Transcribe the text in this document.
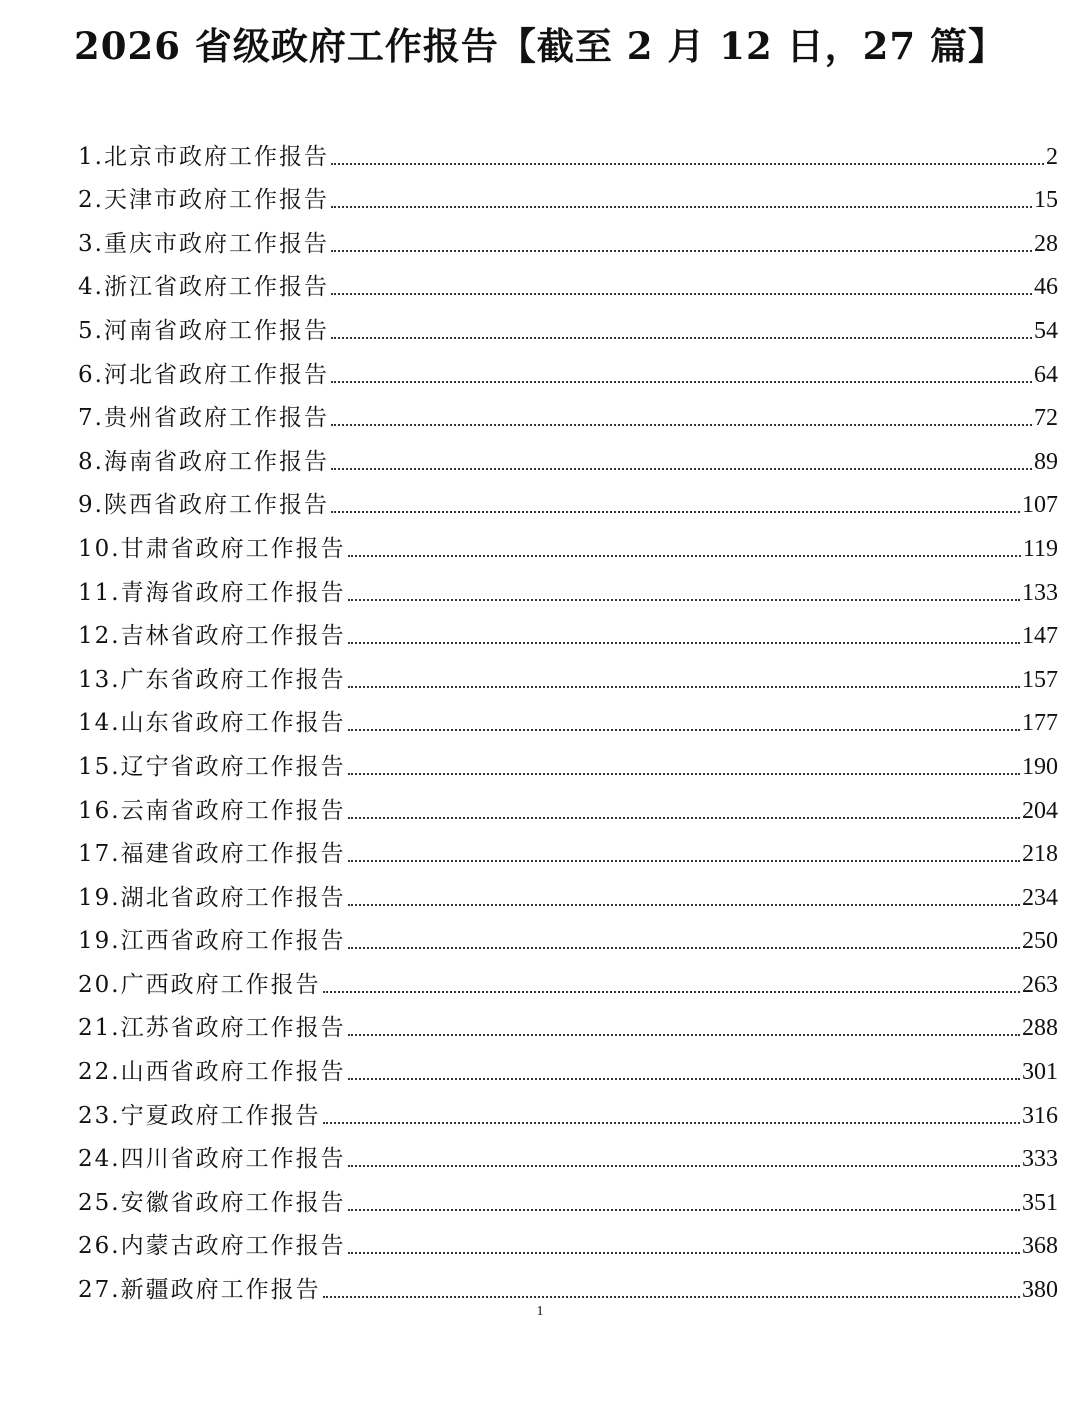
2026 省级政府工作报告【截至 2 月 12 日，27 篇】
1.北京市政府工作报告	2
2.天津市政府工作报告	15
3.重庆市政府工作报告	28
4.浙江省政府工作报告	46
5.河南省政府工作报告	54
6.河北省政府工作报告	64
7.贵州省政府工作报告	72
8.海南省政府工作报告	89
9.陕西省政府工作报告	107
10.甘肃省政府工作报告	119
11.青海省政府工作报告	133
12.吉林省政府工作报告	147
13.广东省政府工作报告	157
14.山东省政府工作报告	177
15.辽宁省政府工作报告	190
16.云南省政府工作报告	204
17.福建省政府工作报告	218
19.湖北省政府工作报告	234
19.江西省政府工作报告	250
20.广西政府工作报告	263
21.江苏省政府工作报告	288
22.山西省政府工作报告	301
23.宁夏政府工作报告	316
24.四川省政府工作报告	333
25.安徽省政府工作报告	351
26.内蒙古政府工作报告	368
27.新疆政府工作报告	380
1
